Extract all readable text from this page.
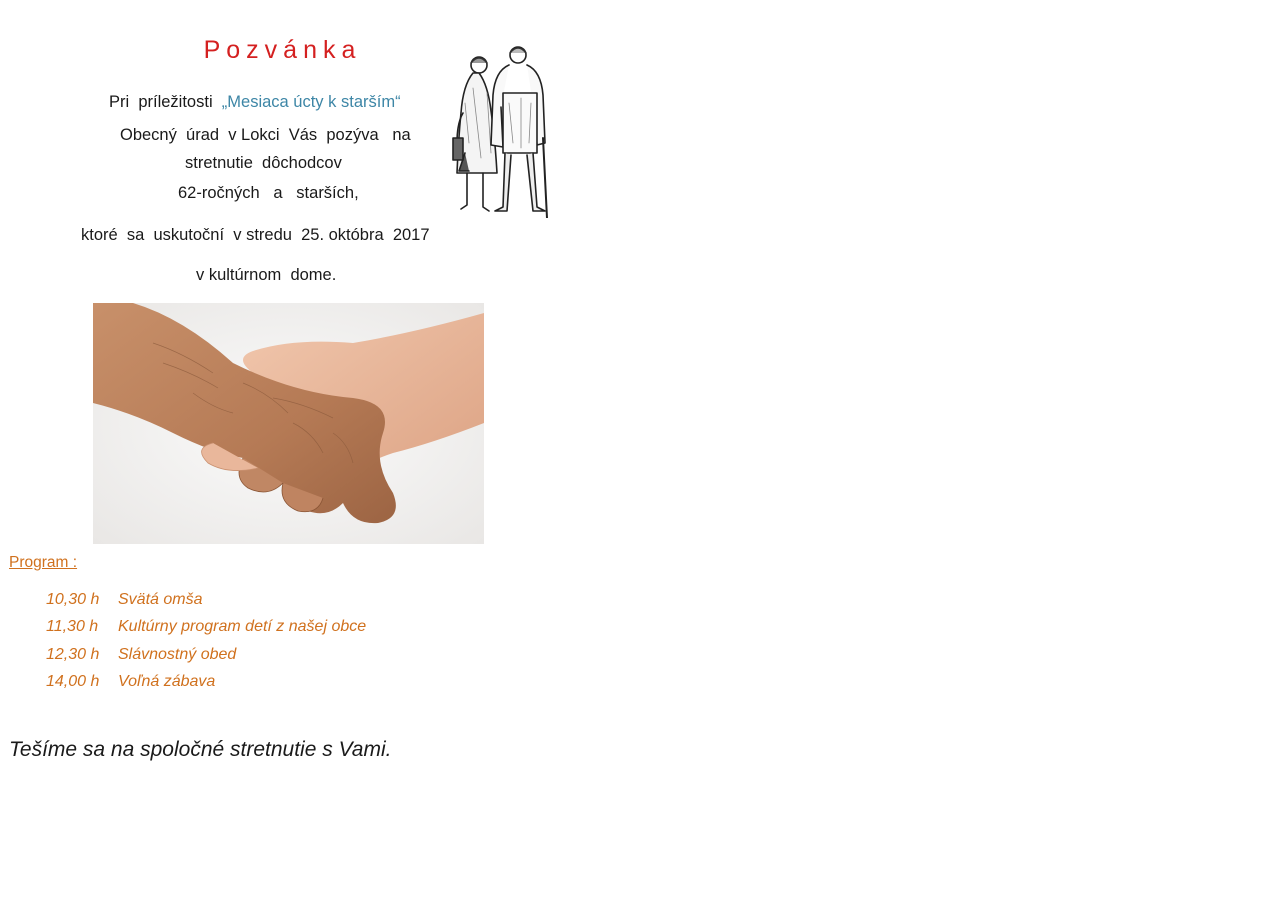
Pozvánka
Pri  príležitosti „Mesiaca úcty k starším“
Obecný  úrad  v Lokci  Vás  pozýva   na
stretnutie  dôchodcov
62-ročných   a   starších,
ktoré  sa  uskutoční  v stredu  25. októbra  2017
v kultúrnom  dome.
Program :
10,30 h Svätá omša
11,30 h Kultúrny program detí z našej obce
12,30 h Slávnostný obed
14,00 h Voľná zábava
Tešíme sa na spoločné stretnutie s Vami.
